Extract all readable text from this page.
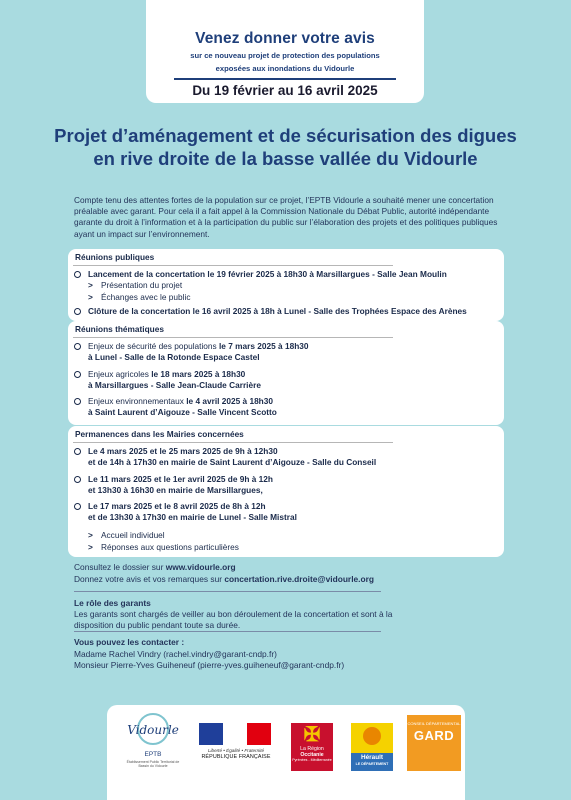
Venez donner votre avis
sur ce nouveau projet de protection des populations
exposées aux inondations du Vidourle
Du 19 février au 16 avril 2025
Projet d’aménagement et de sécurisation des digues
en rive droite de la basse vallée du Vidourle
Compte tenu des attentes fortes de la population sur ce projet, l’EPTB Vidourle a souhaité mener une concertation préalable avec garant. Pour cela il a fait appel à la Commission Nationale du Débat Public, autorité indépendante garante du droit à l’information et à la participation du public sur l’élaboration des projets et des politiques publiques ayant un impact sur l’environnement.
Réunions publiques
Lancement de la concertation le 19 février 2025 à 18h30 à Marsillargues - Salle Jean Moulin
> Présentation du projet
> Échanges avec le public
Clôture de la concertation le 16 avril 2025 à 18h à Lunel - Salle des Trophées Espace des Arènes
Réunions thématiques
Enjeux de sécurité des populations le 7 mars 2025 à 18h30
à Lunel - Salle de la Rotonde Espace Castel
Enjeux agricoles le 18 mars 2025 à 18h30
à Marsillargues - Salle Jean-Claude Carrière
Enjeux environnementaux le 4 avril 2025 à 18h30
à Saint Laurent d’Aigouze - Salle Vincent Scotto
Permanences dans les Mairies concernées
Le 4 mars 2025 et le 25 mars 2025 de 9h à 12h30
et de 14h à 17h30 en mairie de Saint Laurent d’Aigouze - Salle du Conseil
Le 11 mars 2025 et le 1er avril 2025 de 9h à 12h
et 13h30 à 16h30 en mairie de Marsillargues,
Le 17 mars 2025 et le 8 avril 2025 de 8h à 12h
et de 13h30 à 17h30 en mairie de Lunel - Salle Mistral
> Accueil individuel
> Réponses aux questions particulières
Consultez le dossier sur www.vidourle.org
Donnez votre avis et vos remarques sur concertation.rive.droite@vidourle.org
Le rôle des garants
Les garants sont chargés de veiller au bon déroulement de la concertation et sont à la disposition du public pendant toute sa durée.
Vous pouvez les contacter :
Madame Rachel Vindry (rachel.vindry@garant-cndp.fr)
Monsieur Pierre-Yves Guiheneuf (pierre-yves.guiheneuf@garant-cndp.fr)
Vidourle
EPTB
Établissement Public Territorial de Bassin du Vidourle
Liberté • Égalité • Fraternité
RÉPUBLIQUE FRANÇAISE
✠
La Région
Occitanie
Pyrénées - Méditerranée	Hérault
LE DÉPARTEMENT
CONSEIL DÉPARTEMENTAL
GARD
